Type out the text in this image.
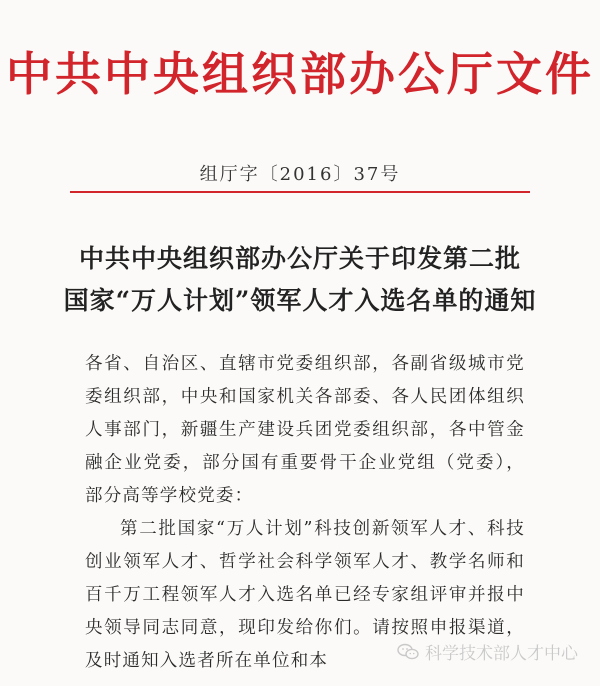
中共中央组织部办公厅文件
组厅字〔2016〕37号
中共中央组织部办公厅关于印发第二批
国家“万人计划”领军人才入选名单的通知

各省、自治区、直辖市党委组织部，各副省级城市党委组织部，中央和国家机关各部委、各人民团体组织人事部门，新疆生产建设兵团党委组织部，各中管金融企业党委，部分国有重要骨干企业党组（党委），部分高等学校党委：

第二批国家“万人计划”科技创新领军人才、科技创业领军人才、哲学社会科学领军人才、教学名师和百千万工程领军人才入选名单已经专家组评审并报中央领导同志同意，现印发给你们。请按照申报渠道，及时通知入选者所在单位和本	科学技术部人才中心
